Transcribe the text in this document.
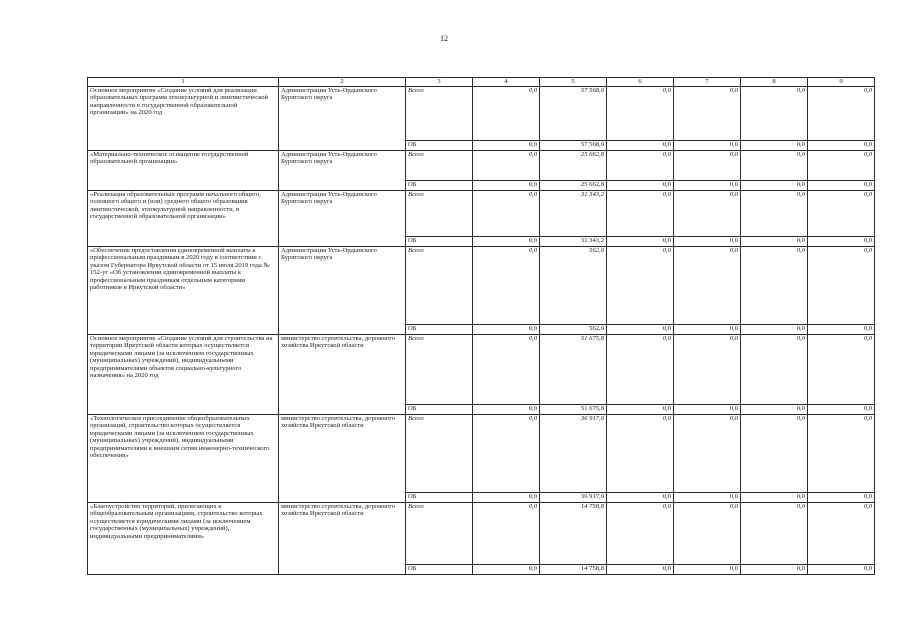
12
1	2	3	4	5	6	7	8	9
Основное мероприятие «Создание условий для реализации образовательных программ этнокультурной и лингвистической направленности в государственной образовательной организации» на 2020 год	Администрация Усть-Ордынского Бурятского округа	Всего	0,0	57 568,0	0,0	0,0	0,0	0,0
		ОБ	0,0	57 568,0	0,0	0,0	0,0	0,0
«Материально-техническое оснащение государственной образовательной организации»	Администрация Усть-Ордынского Бурятского округа	Всего	0,0	25 662,8	0,0	0,0	0,0	0,0
		ОБ	0,0	25 662,8	0,0	0,0	0,0	0,0
«Реализация образовательных программ начального общего, основного общего и (или) среднего общего образования лингвистической, этнокультурной направленности, в государственной образовательной организации»	Администрация Усть-Ордынского Бурятского округа	Всего	0,0	31 343,2	0,0	0,0	0,0	0,0
		ОБ	0,0	31 343,2	0,0	0,0	0,0	0,0
«Обеспечение предоставления единовременной выплаты к профессиональным праздникам в 2020 году в соответствии с указом Губернатора Иркутской области от 15 июля 2019 года № 152-уг «Об установлении единовременной выплаты к профессиональным праздникам отдельным категориям работников в Иркутской области»	Администрация Усть-Ордынского Бурятского округа	Всего	0,0	562,0	0,0	0,0	0,0	0,0
		ОБ	0,0	562,0	0,0	0,0	0,0	0,0
Основное мероприятие «Создание условий для строительства на территории Иркутской области которых осуществляется юридическими лицами (за исключением государственных (муниципальных) учреждений), индивидуальными предпринимателями объектов социально-культурного назначения» на 2020 год	министерство строительства, дорожного хозяйства Иркутской области	Всего	0,0	51 675,8	0,0	0,0	0,0	0,0
		ОБ	0,0	51 675,8	0,0	0,0	0,0	0,0
«Технологическое присоединение общеобразовательных организаций, строительство которых осуществляется юридическими лицами (за исключением государственных (муниципальных) учреждений), индивидуальными предпринимателями к внешним сетям инженерно-технического обеспечения»	министерство строительства, дорожного хозяйства Иркутской области	Всего	0,0	36 917,0	0,0	0,0	0,0	0,0
		ОБ	0,0	36 917,0	0,0	0,0	0,0	0,0
«Благоустройство территорий, прилегающих к общеобразовательным организациям, строительство которых осуществляется юридическими лицами (за исключением государственных (муниципальных) учреждений), индивидуальными предпринимателями»	министерство строительства, дорожного хозяйства Иркутской области	Всего	0,0	14 758,8	0,0	0,0	0,0	0,0
		ОБ	0,0	14 758,8	0,0	0,0	0,0	0,0
